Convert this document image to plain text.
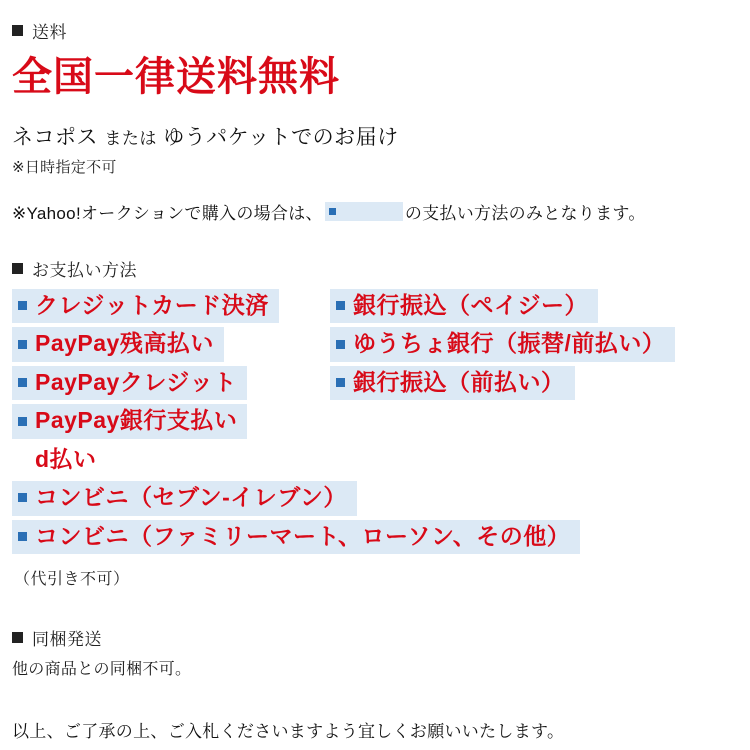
送料
全国一律送料無料
ネコポス または ゆうパケットでのお届け
※日時指定不可
※Yahoo!オークションで購入の場合は、	の支払い方法のみとなります。
お支払い方法
クレジットカード決済	銀行振込（ペイジー）
PayPay残高払い	ゆうちょ銀行（振替/前払い）
PayPayクレジット	銀行振込（前払い）
PayPay銀行支払い
d払い
コンビニ（セブン-イレブン）
コンビニ（ファミリーマート、ローソン、その他）
（代引き不可）
同梱発送
他の商品との同梱不可。
以上、ご了承の上、ご入札くださいますよう宜しくお願いいたします。
